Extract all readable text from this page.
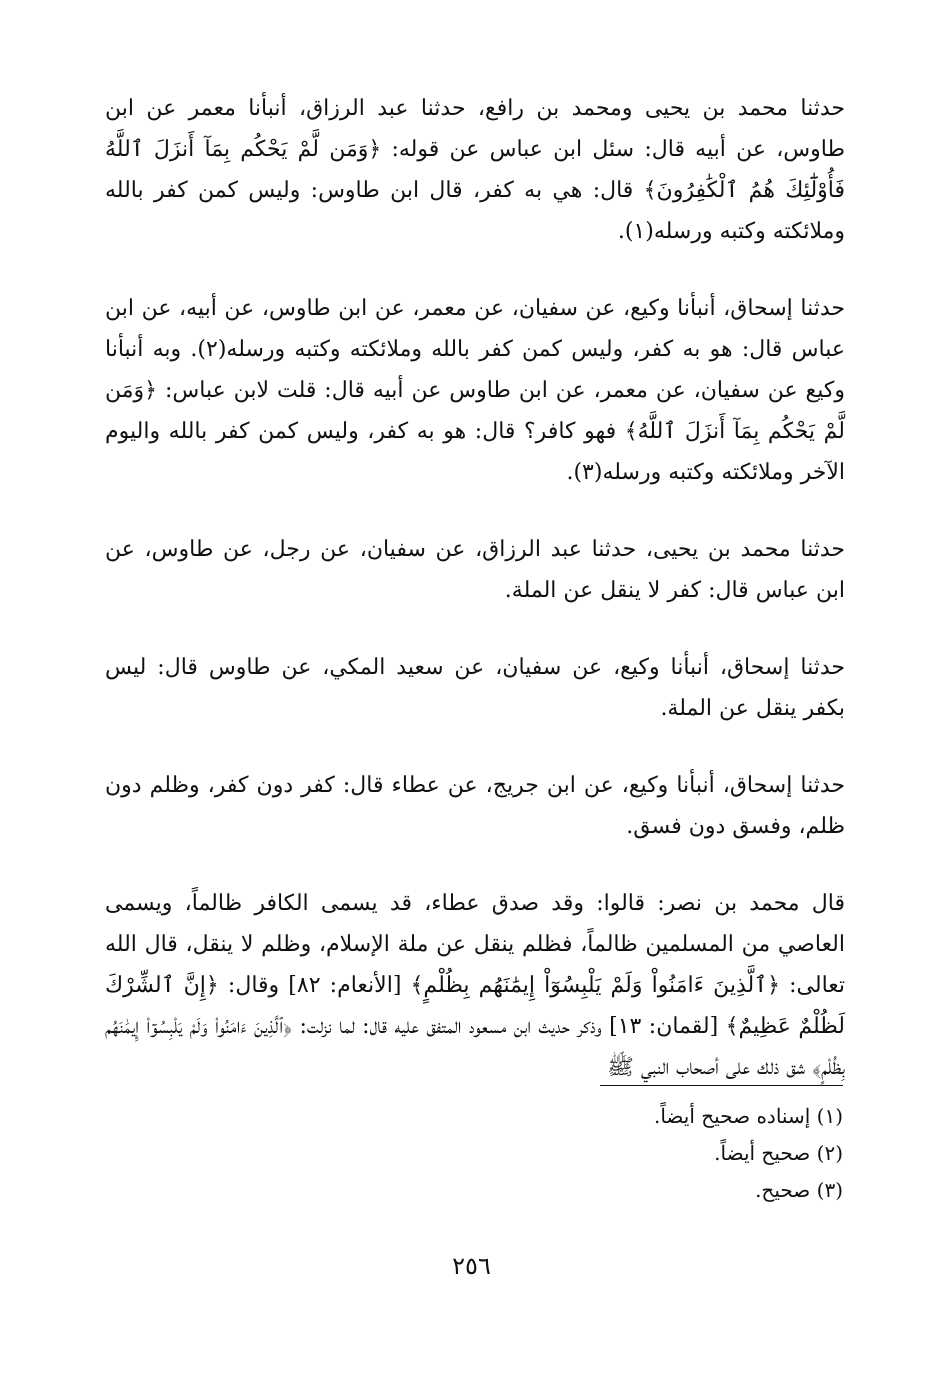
حدثنا محمد بن يحيى ومحمد بن رافع، حدثنا عبد الرزاق، أنبأنا معمر عن ابن طاوس، عن أبيه قال: سئل ابن عباس عن قوله: ﴿وَمَن لَّمْ يَحْكُم بِمَآ أَنزَلَ ٱللَّهُ فَأُوْلَٰٓئِكَ هُمُ ٱلْكَٰفِرُونَ﴾ قال: هي به كفر، قال ابن طاوس: وليس كمن كفر بالله وملائكته وكتبه ورسله(١).

حدثنا إسحاق، أنبأنا وكيع، عن سفيان، عن معمر، عن ابن طاوس، عن أبيه، عن ابن عباس قال: هو به كفر، وليس كمن كفر بالله وملائكته وكتبه ورسله(٢). وبه أنبأنا وكيع عن سفيان، عن معمر، عن ابن طاوس عن أبيه قال: قلت لابن عباس: ﴿وَمَن لَّمْ يَحْكُم بِمَآ أَنزَلَ ٱللَّهُ﴾ فهو كافر؟ قال: هو به كفر، وليس كمن كفر بالله واليوم الآخر وملائكته وكتبه ورسله(٣).

حدثنا محمد بن يحيى، حدثنا عبد الرزاق، عن سفيان، عن رجل، عن طاوس، عن ابن عباس قال: كفر لا ينقل عن الملة.

حدثنا إسحاق، أنبأنا وكيع، عن سفيان، عن سعيد المكي، عن طاوس قال: ليس بكفر ينقل عن الملة.

حدثنا إسحاق، أنبأنا وكيع، عن ابن جريج، عن عطاء قال: كفر دون كفر، وظلم دون ظلم، وفسق دون فسق.

قال محمد بن نصر: قالوا: وقد صدق عطاء، قد يسمى الكافر ظالماً، ويسمى العاصي من المسلمين ظالماً، فظلم ينقل عن ملة الإسلام، وظلم لا ينقل، قال الله تعالى: ﴿ٱلَّذِينَ ءَامَنُواْ وَلَمْ يَلْبِسُوٓاْ إِيمَٰنَهُم بِظُلْمٍ﴾ [الأنعام: ٨٢] وقال: ﴿إِنَّ ٱلشِّرْكَ لَظُلْمٌ عَظِيمٌ﴾ [لقمان: ١٣] وذكر حديث ابن مسعود المتفق عليه قال: لما نزلت: ﴿ٱلَّذِينَ ءَامَنُواْ وَلَمْ يَلْبِسُوٓاْ إِيمَٰنَهُم بِظُلْمٍ﴾ شق ذلك على أصحاب النبي ﷺ

(١) إسناده صحيح أيضاً.

(٢) صحيح أيضاً.

(٣) صحيح.

٢٥٦
